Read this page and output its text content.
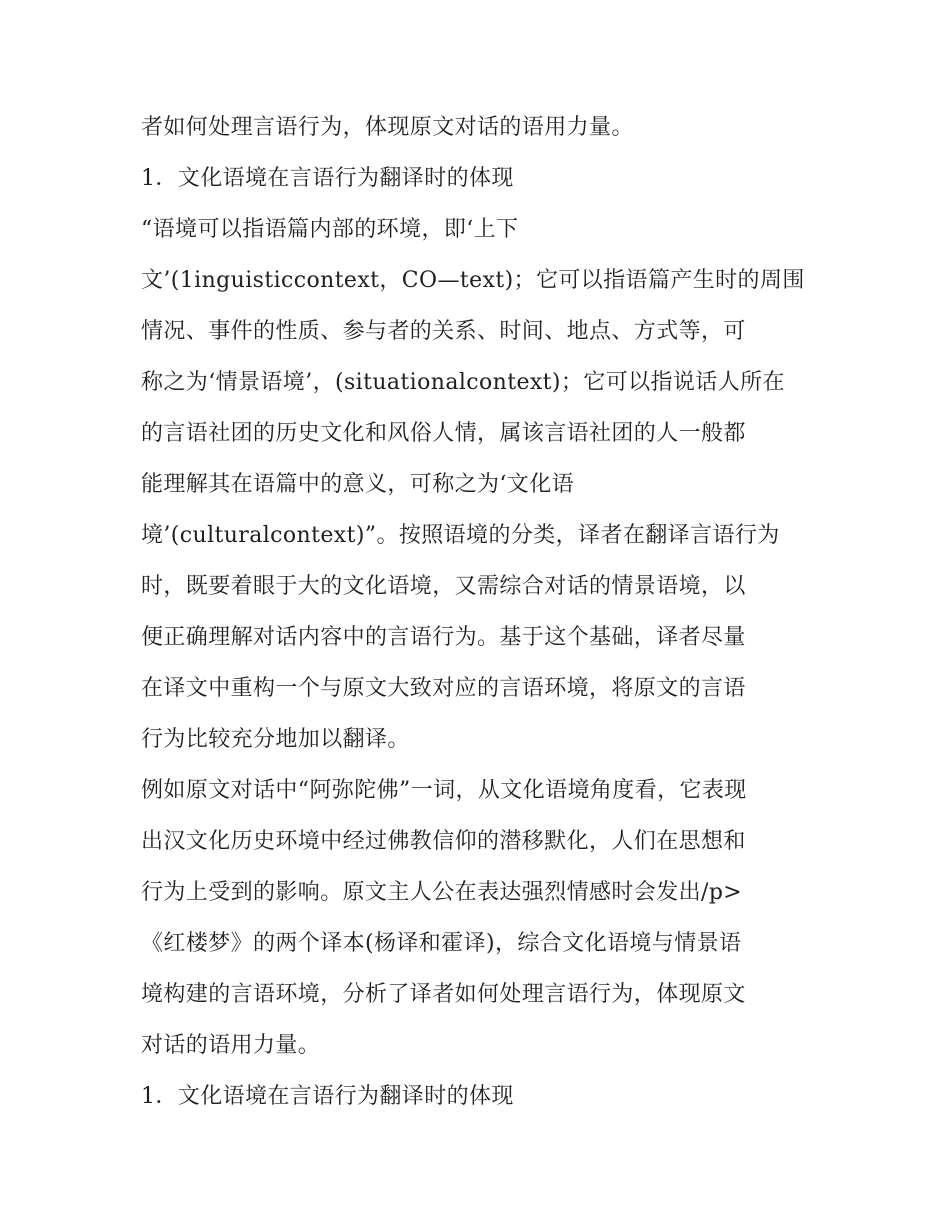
者如何处理言语行为，体现原文对话的语用力量。

1．文化语境在言语行为翻译时的体现

“语境可以指语篇内部的环境，即‘上下

文’(1inguisticcontext，CO—text)；它可以指语篇产生时的周围

情况、事件的性质、参与者的关系、时间、地点、方式等，可

称之为‘情景语境’，(situationalcontext)；它可以指说话人所在

的言语社团的历史文化和风俗人情，属该言语社团的人一般都

能理解其在语篇中的意义，可称之为‘文化语

境’(culturalcontext)”。按照语境的分类，译者在翻译言语行为

时，既要着眼于大的文化语境，又需综合对话的情景语境，以

便正确理解对话内容中的言语行为。基于这个基础，译者尽量

在译文中重构一个与原文大致对应的言语环境，将原文的言语

行为比较充分地加以翻译。

例如原文对话中“阿弥陀佛”一词，从文化语境角度看，它表现

出汉文化历史环境中经过佛教信仰的潜移默化，人们在思想和

行为上受到的影响。原文主人公在表达强烈情感时会发出/p>

《红楼梦》的两个译本(杨译和霍译)，综合文化语境与情景语

境构建的言语环境，分析了译者如何处理言语行为，体现原文

对话的语用力量。

1．文化语境在言语行为翻译时的体现
